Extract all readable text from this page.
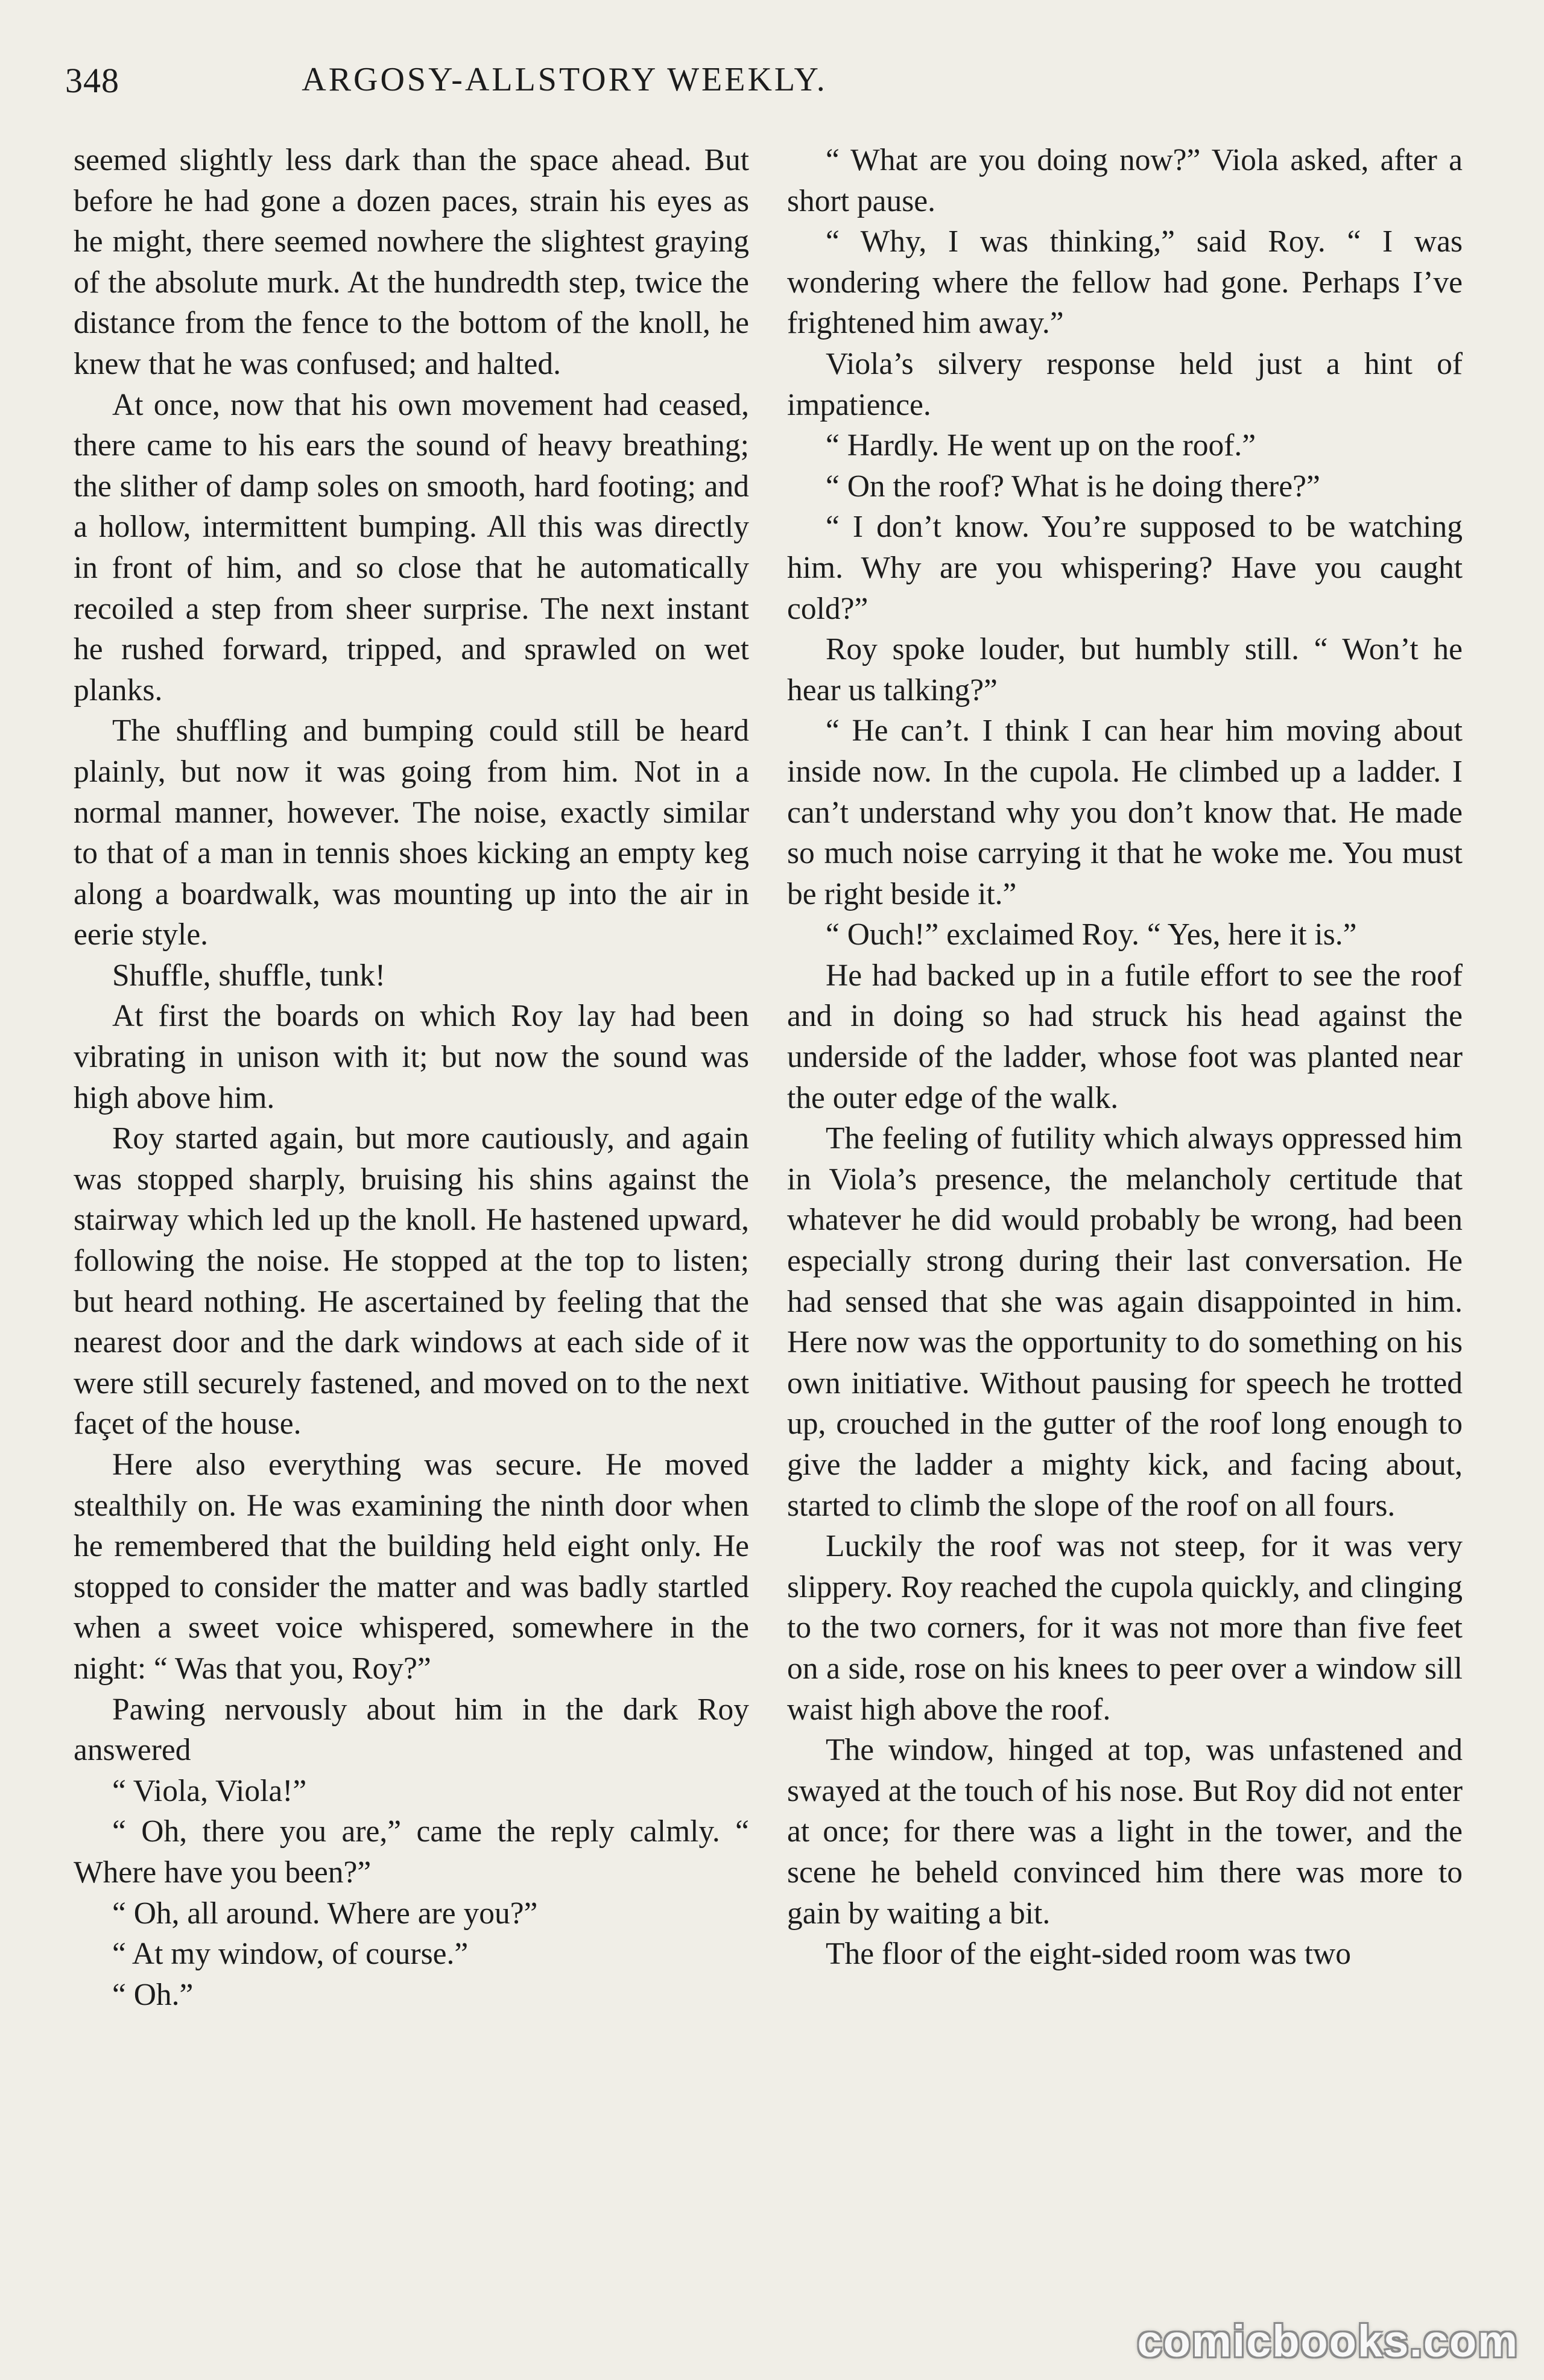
348	ARGOSY-ALLSTORY WEEKLY.

seemed slightly less dark than the space ahead. But before he had gone a dozen paces, strain his eyes as he might, there seemed nowhere the slightest graying of the absolute murk. At the hundredth step, twice the distance from the fence to the bottom of the knoll, he knew that he was confused; and halted.

At once, now that his own movement had ceased, there came to his ears the sound of heavy breathing; the slither of damp soles on smooth, hard footing; and a hollow, intermittent bumping. All this was directly in front of him, and so close that he automatically recoiled a step from sheer surprise. The next instant he rushed forward, tripped, and sprawled on wet planks.

The shuffling and bumping could still be heard plainly, but now it was going from him. Not in a normal manner, however. The noise, exactly similar to that of a man in tennis shoes kicking an empty keg along a boardwalk, was mounting up into the air in eerie style.

Shuffle, shuffle, tunk!

At first the boards on which Roy lay had been vibrating in unison with it; but now the sound was high above him.

Roy started again, but more cautiously, and again was stopped sharply, bruising his shins against the stairway which led up the knoll. He hastened upward, following the noise. He stopped at the top to listen; but heard nothing. He ascertained by feeling that the nearest door and the dark windows at each side of it were still securely fastened, and moved on to the next façet of the house.

Here also everything was secure. He moved stealthily on. He was examining the ninth door when he remembered that the building held eight only. He stopped to consider the matter and was badly startled when a sweet voice whispered, somewhere in the night: “ Was that you, Roy?”

Pawing nervously about him in the dark Roy answered

“ Viola, Viola!”

“ Oh, there you are,” came the reply calmly. “ Where have you been?”

“ Oh, all around. Where are you?”

“ At my window, of course.”

“ Oh.”

“ What are you doing now?” Viola asked, after a short pause.

“ Why, I was thinking,” said Roy. “ I was wondering where the fellow had gone. Perhaps I’ve frightened him away.”

Viola’s silvery response held just a hint of impatience.

“ Hardly. He went up on the roof.”

“ On the roof? What is he doing there?”

“ I don’t know. You’re supposed to be watching him. Why are you whispering? Have you caught cold?”

Roy spoke louder, but humbly still. “ Won’t he hear us talking?”

“ He can’t. I think I can hear him moving about inside now. In the cupola. He climbed up a ladder. I can’t understand why you don’t know that. He made so much noise carrying it that he woke me. You must be right beside it.”

“ Ouch!” exclaimed Roy. “ Yes, here it is.”

He had backed up in a futile effort to see the roof and in doing so had struck his head against the underside of the ladder, whose foot was planted near the outer edge of the walk.

The feeling of futility which always oppressed him in Viola’s presence, the melancholy certitude that whatever he did would probably be wrong, had been especially strong during their last conversation. He had sensed that she was again disappointed in him. Here now was the opportunity to do something on his own initiative. Without pausing for speech he trotted up, crouched in the gutter of the roof long enough to give the ladder a mighty kick, and facing about, started to climb the slope of the roof on all fours.

Luckily the roof was not steep, for it was very slippery. Roy reached the cupola quickly, and clinging to the two corners, for it was not more than five feet on a side, rose on his knees to peer over a window sill waist high above the roof.

The window, hinged at top, was unfastened and swayed at the touch of his nose. But Roy did not enter at once; for there was a light in the tower, and the scene he beheld convinced him there was more to gain by waiting a bit.

The floor of the eight-sided room was two

comicbooks.com
